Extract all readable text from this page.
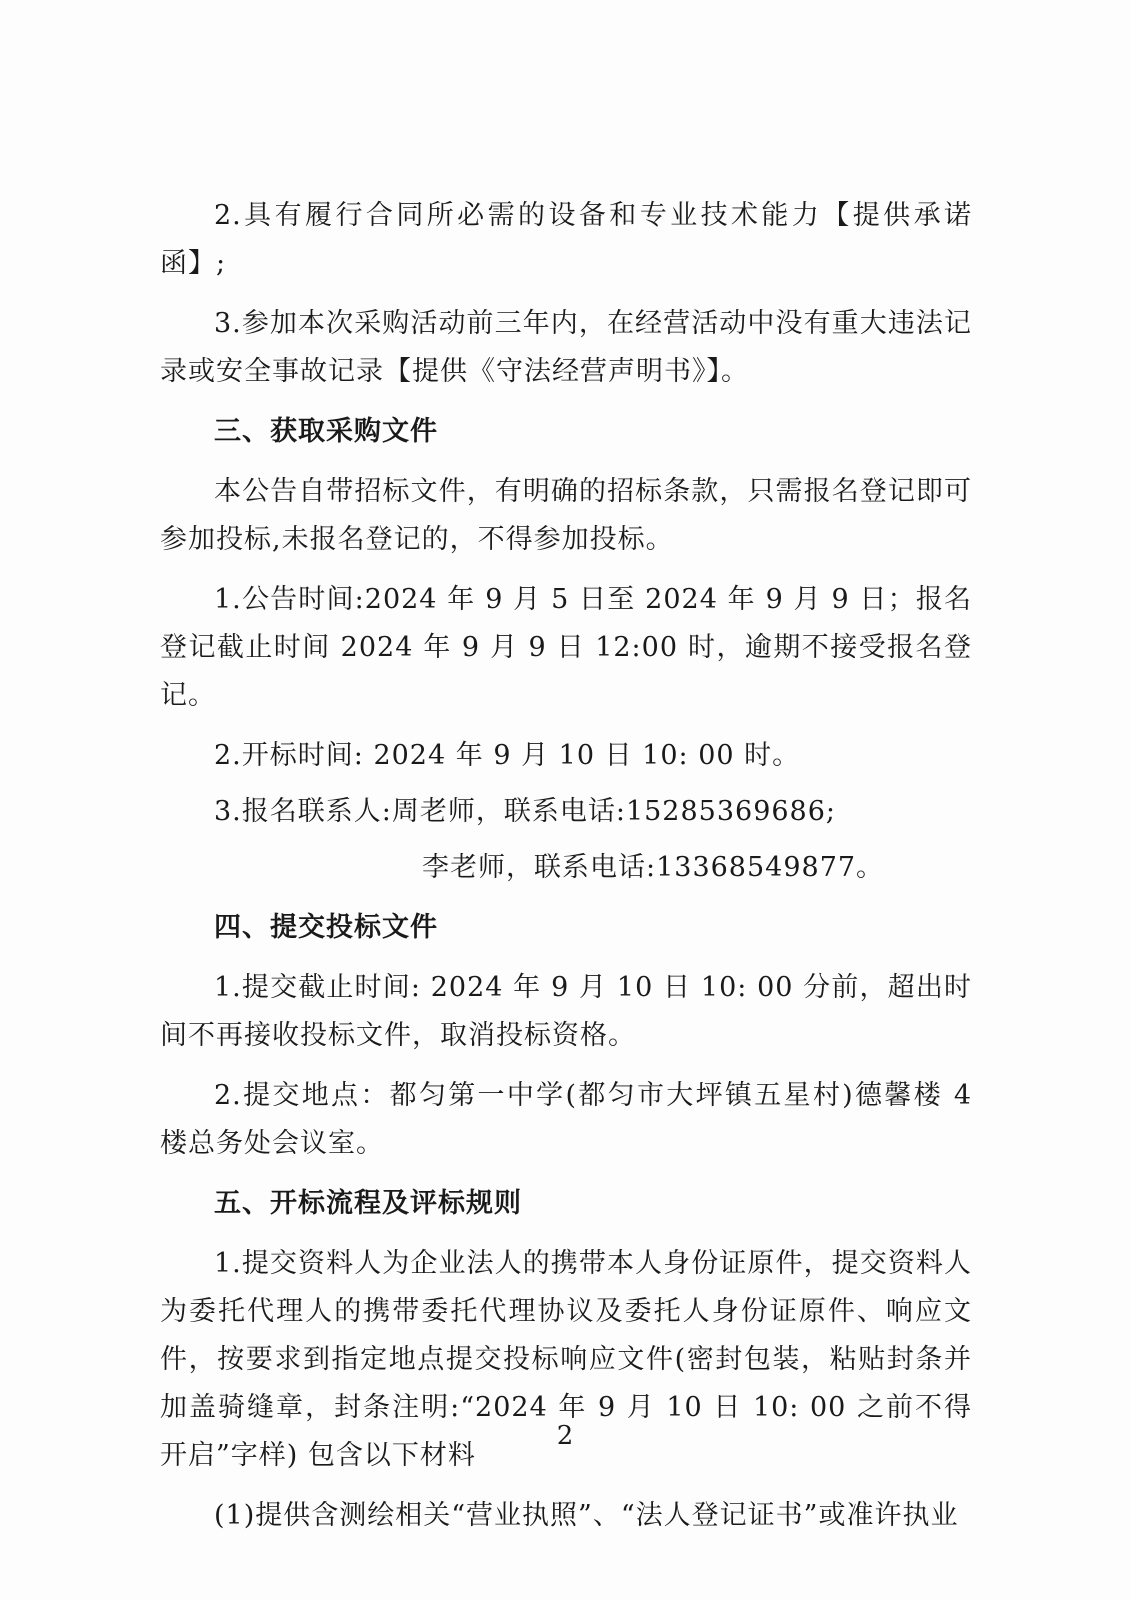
2.具有履行合同所必需的设备和专业技术能力【提供承诺函】;

3.参加本次采购活动前三年内，在经营活动中没有重大违法记录或安全事故记录【提供《守法经营声明书》】。

三、获取采购文件

本公告自带招标文件，有明确的招标条款，只需报名登记即可参加投标,未报名登记的，不得参加投标。

1.公告时间:2024 年 9 月 5 日至 2024 年 9 月 9 日；报名登记截止时间 2024 年 9 月 9 日 12:00 时，逾期不接受报名登记。

2.开标时间: 2024 年 9 月 10 日 10: 00 时。

3.报名联系人:周老师，联系电话:15285369686;

李老师，联系电话:13368549877。

四、提交投标文件

1.提交截止时间: 2024 年 9 月 10 日 10: 00 分前，超出时间不再接收投标文件，取消投标资格。

2.提交地点：都匀第一中学(都匀市大坪镇五星村)德馨楼 4 楼总务处会议室。

五、开标流程及评标规则

1.提交资料人为企业法人的携带本人身份证原件，提交资料人为委托代理人的携带委托代理协议及委托人身份证原件、响应文件，按要求到指定地点提交投标响应文件(密封包装，粘贴封条并加盖骑缝章，封条注明:“2024 年 9 月 10 日 10: 00 之前不得开启”字样) 包含以下材料

(1)提供含测绘相关“营业执照”、“法人登记证书”或准许执业

2
